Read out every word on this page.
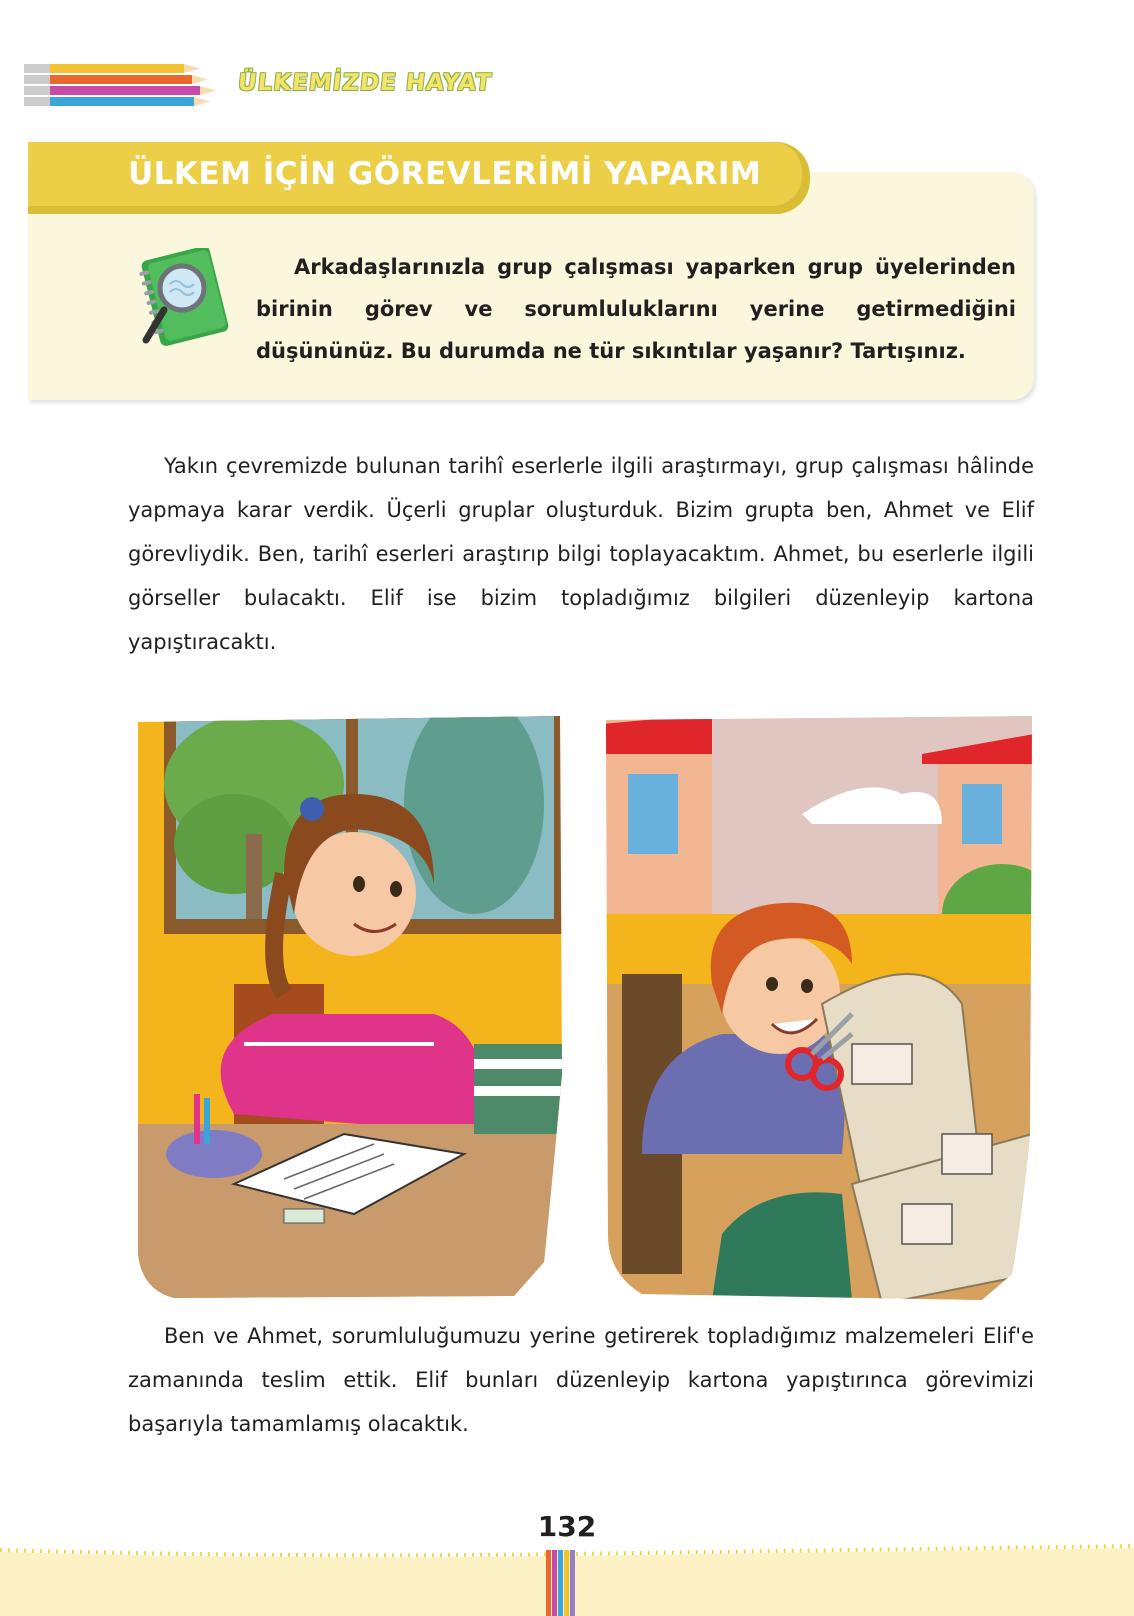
ÜLKEMİZDE HAYAT
ÜLKEM İÇİN GÖREVLERİMİ YAPARIM

Arkadaşlarınızla grup çalışması yaparken grup üyelerinden birinin görev ve sorumluluklarını yerine getirmediğini düşününüz. Bu durumda ne tür sıkıntılar yaşanır? Tartışınız.

Yakın çevremizde bulunan tarihî eserlerle ilgili araştırmayı, grup çalışması hâlinde yapmaya karar verdik. Üçerli gruplar oluşturduk. Bizim grupta ben, Ahmet ve Elif görevliydik. Ben, tarihî eserleri araştırıp bilgi toplayacaktım. Ahmet, bu eserlerle ilgili görseller bulacaktı. Elif ise bizim topladığımız bilgileri düzenleyip kartona yapıştıracaktı.

Ben ve Ahmet, sorumluluğumuzu yerine getirerek topladığımız malzemeleri Elif'e zamanında teslim ettik. Elif bunları düzenleyip kartona yapıştırınca görevimizi başarıyla tamamlamış olacaktık.

132
